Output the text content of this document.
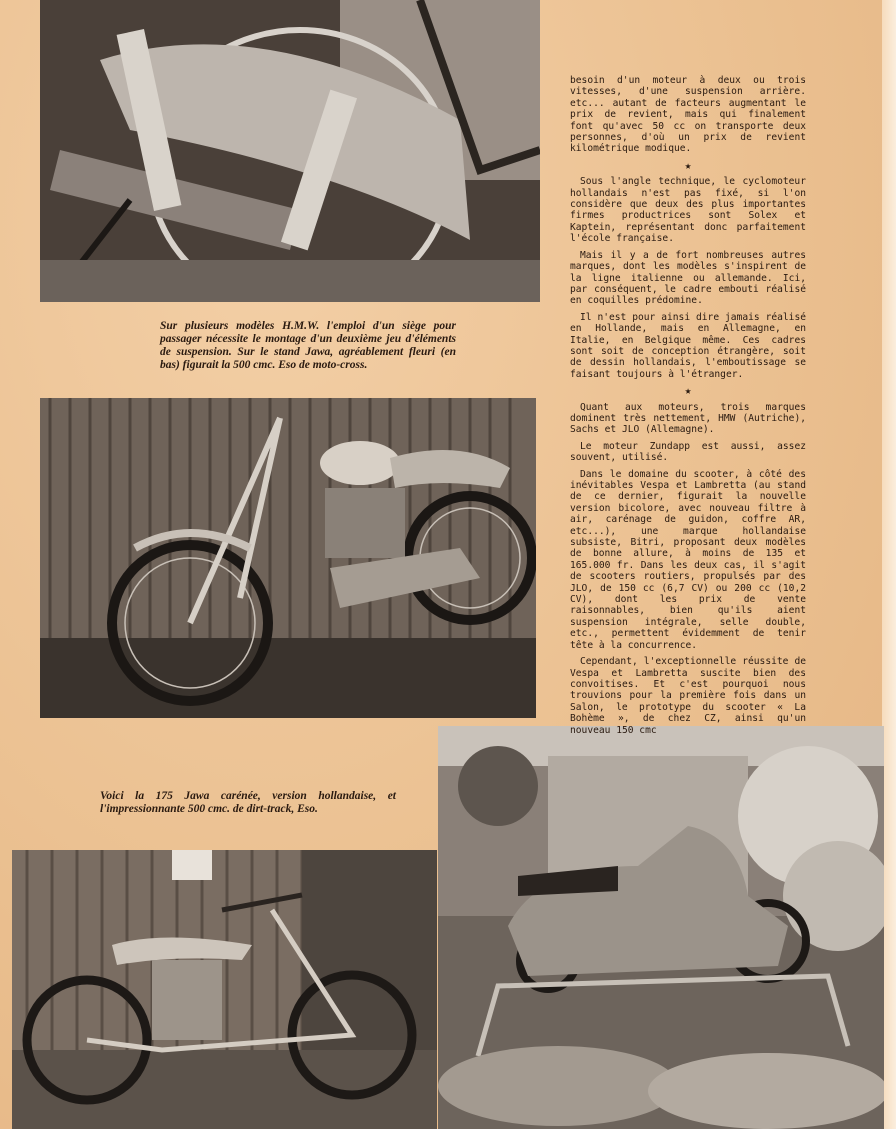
Sur plusieurs modèles H.M.W. l'emploi d'un siège pour passager nécessite le montage d'un deuxième jeu d'éléments de suspension. Sur le stand Jawa, agréablement fleuri (en bas) figurait la 500 cmc. Eso de moto-cross.
Voici la 175 Jawa carénée, version hollandaise, et l'impressionnante 500 cmc. de dirt-track, Eso.

besoin d'un moteur à deux ou trois vitesses, d'une suspension arrière. etc... autant de facteurs augmentant le prix de revient, mais qui finalement font qu'avec 50 cc on transporte deux personnes, d'où un prix de revient kilométrique modique.

★

Sous l'angle technique, le cyclomoteur hollandais n'est pas fixé, si l'on considère que deux des plus importantes firmes productrices sont Solex et Kaptein, représentant donc parfaitement l'école française.

Mais il y a de fort nombreuses autres marques, dont les modèles s'inspirent de la ligne italienne ou allemande. Ici, par conséquent, le cadre embouti réalisé en coquilles prédomine.

Il n'est pour ainsi dire jamais réalisé en Hollande, mais en Allemagne, en Italie, en Belgique même. Ces cadres sont soit de conception étrangère, soit de dessin hollandais, l'emboutissage se faisant toujours à l'étranger.

★

Quant aux moteurs, trois marques dominent très nettement, HMW (Autriche), Sachs et JLO (Allemagne).

Le moteur Zundapp est aussi, assez souvent, utilisé.

Dans le domaine du scooter, à côté des inévitables Vespa et Lambretta (au stand de ce dernier, figurait la nouvelle version bicolore, avec nouveau filtre à air, carénage de guidon, coffre AR, etc...), une marque hollandaise subsiste, Bitri, proposant deux modèles de bonne allure, à moins de 135 et 165.000 fr. Dans les deux cas, il s'agit de scooters routiers, propulsés par des JLO, de 150 cc (6,7 CV) ou 200 cc (10,2 CV), dont les prix de vente raisonnables, bien qu'ils aient suspension intégrale, selle double, etc., permettent évidemment de tenir tête à la concurrence.

Cependant, l'exceptionnelle réussite de Vespa et Lambretta suscite bien des convoitises. Et c'est pourquoi nous trouvions pour la première fois dans un Salon, le prototype du scooter « La Bohème », de chez CZ, ainsi qu'un nouveau 150 cmc
